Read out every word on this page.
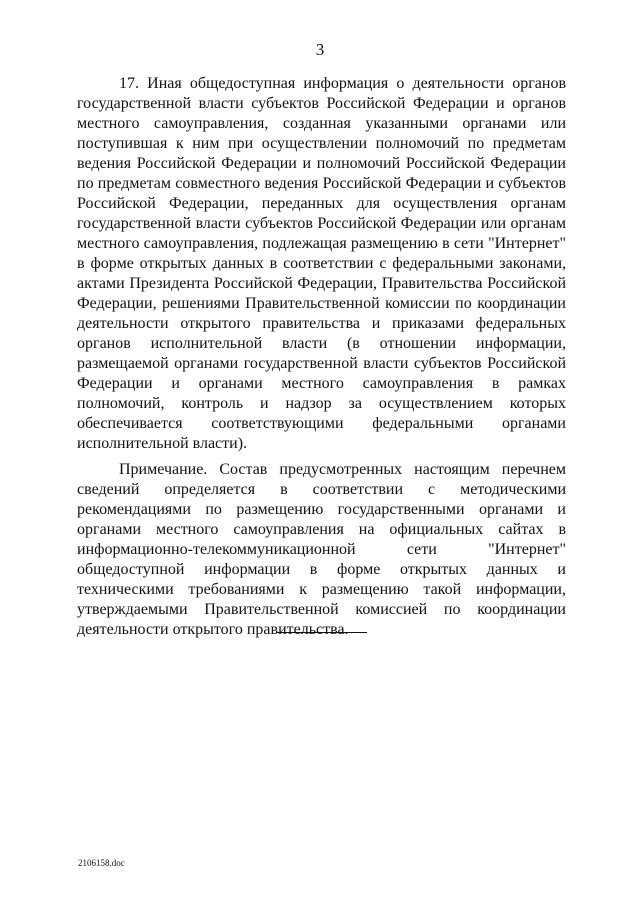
3

17. Иная общедоступная информация о деятельности органов государственной власти субъектов Российской Федерации и органов местного самоуправления, созданная указанными органами или поступившая к ним при осуществлении полномочий по предметам ведения Российской Федерации и полномочий Российской Федерации по предметам совместного ведения Российской Федерации и субъектов Российской Федерации, переданных для осуществления органам государственной власти субъектов Российской Федерации или органам местного самоуправления, подлежащая размещению в сети "Интернет" в форме открытых данных в соответствии с федеральными законами, актами Президента Российской Федерации, Правительства Российской Федерации, решениями Правительственной комиссии по координации деятельности открытого правительства и приказами федеральных органов исполнительной власти (в отношении информации, размещаемой органами государственной власти субъектов Российской Федерации и органами местного самоуправления в рамках полномочий, контроль и надзор за осуществлением которых обеспечивается соответствующими федеральными органами исполнительной власти).

Примечание. Состав предусмотренных настоящим перечнем сведений определяется в соответствии с методическими рекомендациями по размещению государственными органами и органами местного самоуправления на официальных сайтах в информационно-телекоммуникационной сети "Интернет" общедоступной информации в форме открытых данных и техническими требованиями к размещению такой информации, утверждаемыми Правительственной комиссией по координации деятельности открытого правительства.

2106158.doc
